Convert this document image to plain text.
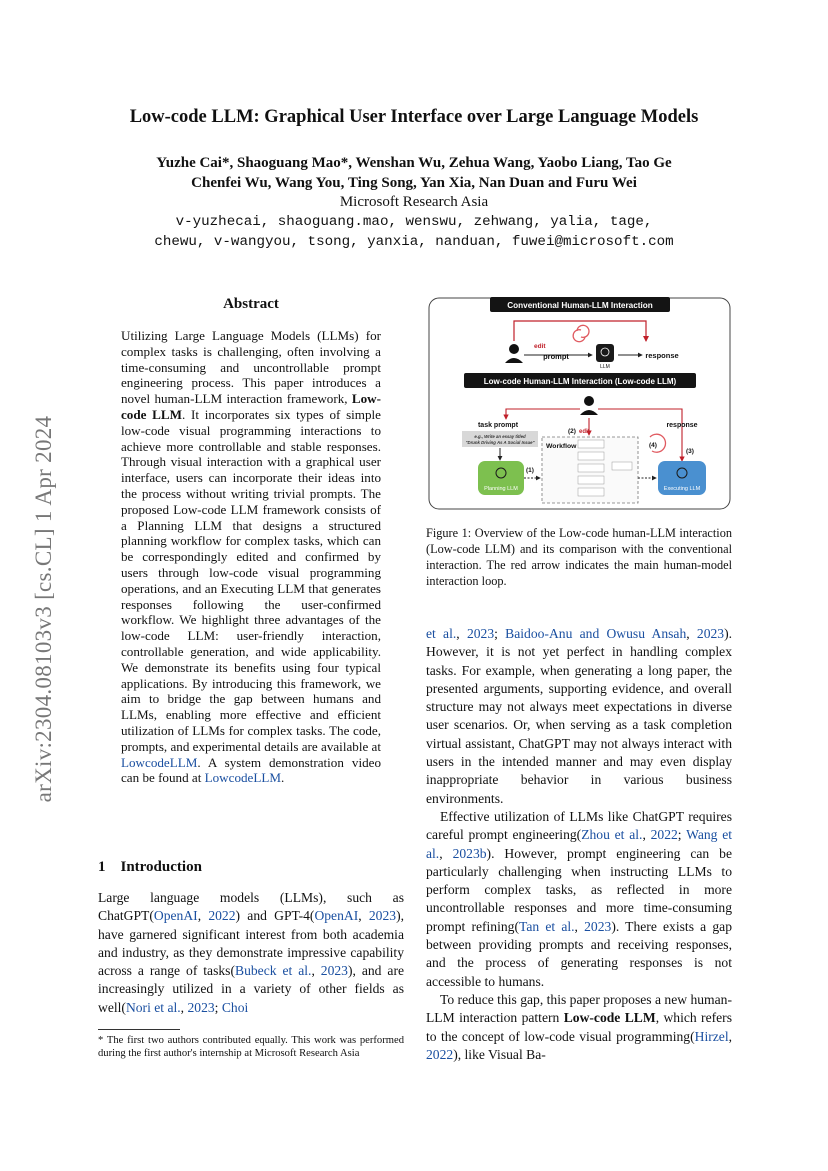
arXiv:2304.08103v3 [cs.CL] 1 Apr 2024
Low-code LLM: Graphical User Interface over Large Language Models
Yuzhe Cai*, Shaoguang Mao*, Wenshan Wu, Zehua Wang, Yaobo Liang, Tao Ge
Chenfei Wu, Wang You, Ting Song, Yan Xia, Nan Duan and Furu Wei
Microsoft Research Asia
v-yuzhecai, shaoguang.mao, wenswu, zehwang, yalia, tage,
chewu, v-wangyou, tsong, yanxia, nanduan, fuwei@microsoft.com
Abstract

Utilizing Large Language Models (LLMs) for complex tasks is challenging, often involving a time-consuming and uncontrollable prompt engineering process. This paper introduces a novel human-LLM interaction framework, Low-code LLM. It incorporates six types of simple low-code visual programming interactions to achieve more controllable and stable responses. Through visual interaction with a graphical user interface, users can incorporate their ideas into the process without writing trivial prompts. The proposed Low-code LLM framework consists of a Planning LLM that designs a structured planning workflow for complex tasks, which can be correspondingly edited and confirmed by users through low-code visual programming operations, and an Executing LLM that generates responses following the user-confirmed workflow. We highlight three advantages of the low-code LLM: user-friendly interaction, controllable generation, and wide applicability. We demonstrate its benefits using four typical applications. By introducing this framework, we aim to bridge the gap between humans and LLMs, enabling more effective and efficient utilization of LLMs for complex tasks. The code, prompts, and experimental details are available at LowcodeLLM. A system demonstration video can be found at LowcodeLLM.

1 Introduction

Large language models (LLMs), such as ChatGPT(OpenAI, 2022) and GPT-4(OpenAI, 2023), have garnered significant interest from both academia and industry, as they demonstrate impressive capability across a range of tasks(Bubeck et al., 2023), and are increasingly utilized in a variety of other fields as well(Nori et al., 2023; Choi

* The first two authors contributed equally. This work was performed during the first author's internship at Microsoft Research Asia
Conventional Human-LLM Interaction
edit
prompt
LLM
response
Low-code Human-LLM Interaction (Low-code LLM)
task prompt
e.g., Write an essay titled
"Drunk Driving As A Social Issue"
(2) edit
Workflow	(4)
response
(3)
Planning LLM
(1)
Executing LLM
Figure 1: Overview of the Low-code human-LLM interaction (Low-code LLM) and its comparison with the conventional interaction. The red arrow indicates the main human-model interaction loop.

et al., 2023; Baidoo-Anu and Owusu Ansah, 2023). However, it is not yet perfect in handling complex tasks. For example, when generating a long paper, the presented arguments, supporting evidence, and overall structure may not always meet expectations in diverse user scenarios. Or, when serving as a task completion virtual assistant, ChatGPT may not always interact with users in the intended manner and may even display inappropriate behavior in various business environments.

Effective utilization of LLMs like ChatGPT requires careful prompt engineering(Zhou et al., 2022; Wang et al., 2023b). However, prompt engineering can be particularly challenging when instructing LLMs to perform complex tasks, as reflected in more uncontrollable responses and more time-consuming prompt refining(Tan et al., 2023). There exists a gap between providing prompts and receiving responses, and the process of generating responses is not accessible to humans.

To reduce this gap, this paper proposes a new human-LLM interaction pattern Low-code LLM, which refers to the concept of low-code visual programming(Hirzel, 2022), like Visual Ba-
